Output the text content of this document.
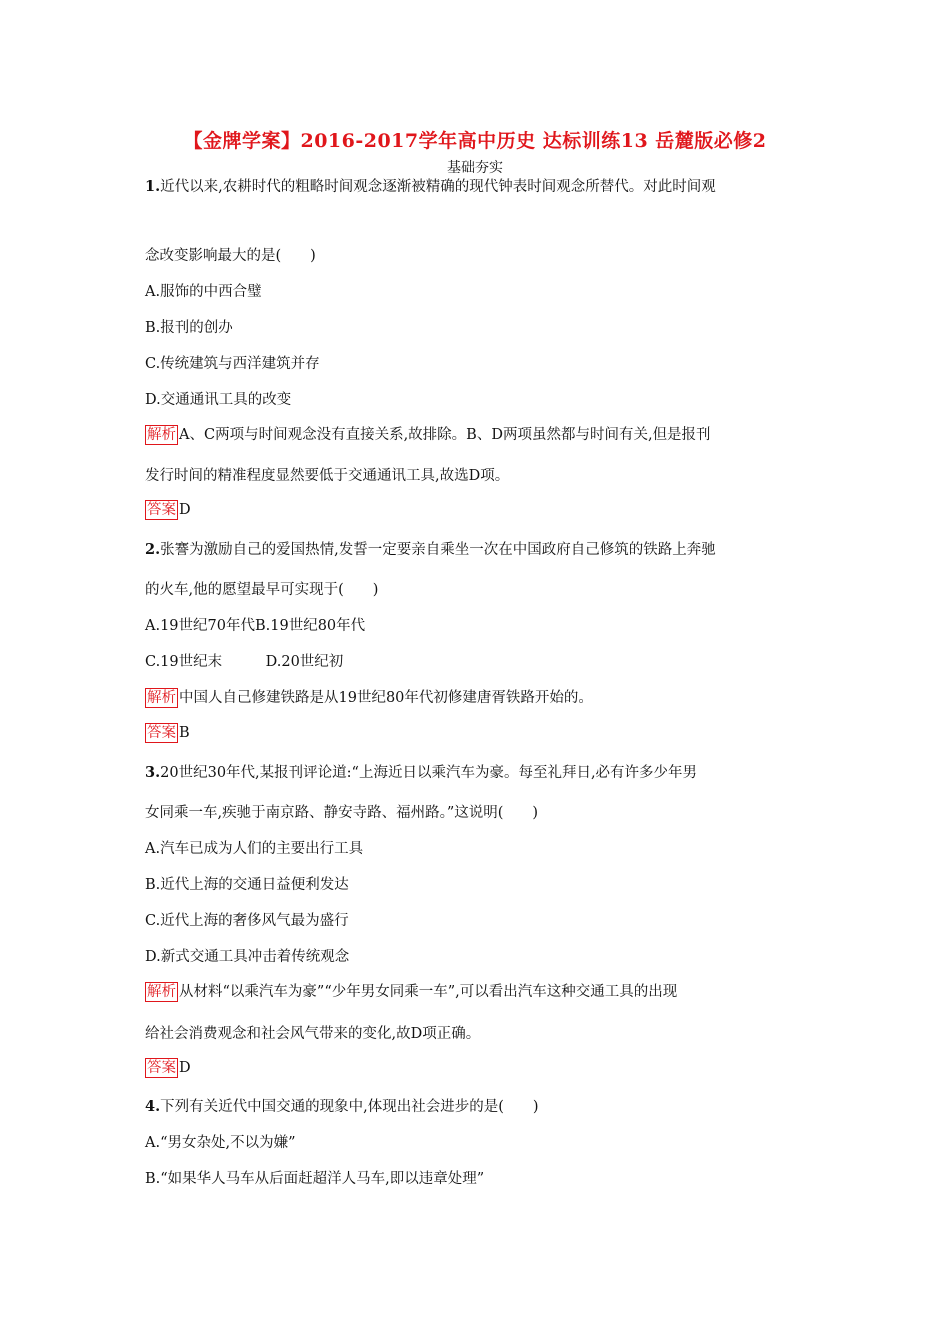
【金牌学案】2016-2017学年高中历史 达标训练13 岳麓版必修2
基础夯实
1.近代以来,农耕时代的粗略时间观念逐渐被精确的现代钟表时间观念所替代。对此时间观
念改变影响最大的是(　　)
A.服饰的中西合璧
B.报刊的创办
C.传统建筑与西洋建筑并存
D.交通通讯工具的改变
解析 A、C两项与时间观念没有直接关系,故排除。B、D两项虽然都与时间有关,但是报刊
发行时间的精准程度显然要低于交通通讯工具,故选D项。
答案 D
2.张謇为激励自己的爱国热情,发誓一定要亲自乘坐一次在中国政府自己修筑的铁路上奔驰
的火车,他的愿望最早可实现于(　　)
A.19世纪70年代B.19世纪80年代
C.19世纪末　　　D.20世纪初
解析 中国人自己修建铁路是从19世纪80年代初修建唐胥铁路开始的。
答案 B
3.20世纪30年代,某报刊评论道:“上海近日以乘汽车为豪。每至礼拜日,必有许多少年男
女同乘一车,疾驰于南京路、静安寺路、福州路。”这说明(　　)
A.汽车已成为人们的主要出行工具
B.近代上海的交通日益便利发达
C.近代上海的奢侈风气最为盛行
D.新式交通工具冲击着传统观念
解析 从材料“以乘汽车为豪”“少年男女同乘一车”,可以看出汽车这种交通工具的出现
给社会消费观念和社会风气带来的变化,故D项正确。
答案 D
4.下列有关近代中国交通的现象中,体现出社会进步的是(　　)
A.“男女杂处,不以为嫌”
B.“如果华人马车从后面赶超洋人马车,即以违章处理”
